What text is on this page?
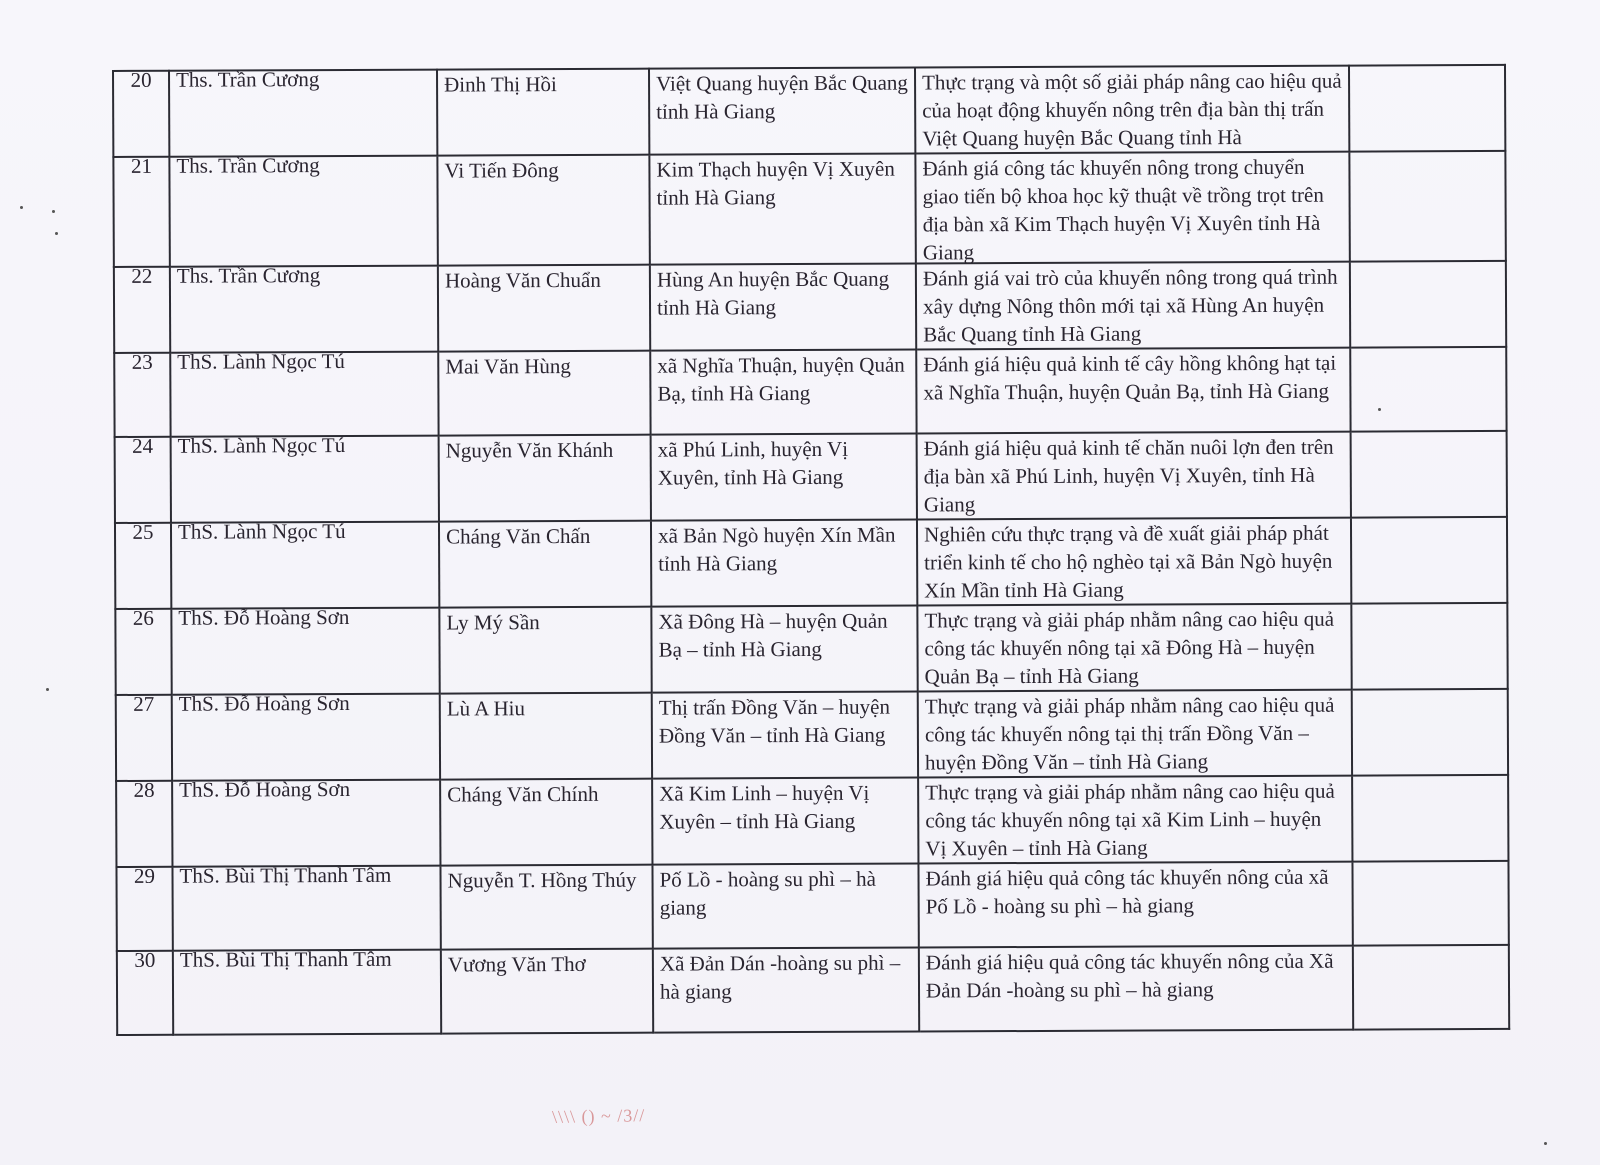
20	Ths. Trần Cương	Đinh Thị Hồi	Việt Quang huyện Bắc Quang tỉnh Hà Giang	Thực trạng và một số giải pháp nâng cao hiệu quả của hoạt động khuyến nông trên địa bàn thị trấn Việt Quang huyện Bắc Quang tỉnh Hà	

21	Ths. Trần Cương	Vi Tiến Đông	Kim Thạch huyện Vị Xuyên tỉnh Hà Giang	Đánh giá công tác khuyến nông trong chuyển giao tiến bộ khoa học kỹ thuật về trồng trọt trên địa bàn xã Kim Thạch huyện Vị Xuyên tỉnh Hà Giang	

22	Ths. Trần Cương	Hoàng Văn Chuẩn	Hùng An huyện Bắc Quang tỉnh Hà Giang	Đánh giá vai trò của khuyến nông trong quá trình xây dựng Nông thôn mới tại xã Hùng An huyện Bắc Quang tỉnh Hà Giang	

23	ThS. Lành Ngọc Tú	Mai Văn Hùng	xã Nghĩa Thuận, huyện Quản Bạ, tỉnh Hà Giang	Đánh giá hiệu quả kinh tế cây hồng không hạt tại xã Nghĩa Thuận, huyện Quản Bạ, tỉnh Hà Giang	

24	ThS. Lành Ngọc Tú	Nguyễn Văn Khánh	xã Phú Linh, huyện Vị Xuyên, tỉnh Hà Giang	Đánh giá hiệu quả kinh tế chăn nuôi lợn đen trên địa bàn xã Phú Linh, huyện Vị Xuyên, tỉnh Hà Giang	

25	ThS. Lành Ngọc Tú	Cháng Văn Chấn	xã Bản Ngò huyện Xín Mần tỉnh Hà Giang	Nghiên cứu thực trạng và đề xuất giải pháp phát triển kinh tế cho hộ nghèo tại xã Bản Ngò huyện Xín Mần tỉnh Hà Giang	

26	ThS. Đỗ Hoàng Sơn	Ly Mý Sần	Xã Đông Hà – huyện Quản Bạ – tỉnh Hà Giang	Thực trạng và giải pháp nhằm nâng cao hiệu quả công tác khuyến nông tại xã Đông Hà – huyện Quản Bạ – tỉnh Hà Giang	

27	ThS. Đỗ Hoàng Sơn	Lù A Hiu	Thị trấn Đồng Văn – huyện Đồng Văn – tỉnh Hà Giang	Thực trạng và giải pháp nhằm nâng cao hiệu quả công tác khuyến nông tại thị trấn Đồng Văn – huyện Đồng Văn – tỉnh Hà Giang	

28	ThS. Đỗ Hoàng Sơn	Cháng Văn Chính	Xã Kim Linh – huyện Vị Xuyên – tỉnh Hà Giang	Thực trạng và giải pháp nhằm nâng cao hiệu quả công tác khuyến nông tại xã Kim Linh – huyện Vị Xuyên – tỉnh Hà Giang	

29	ThS. Bùi Thị Thanh Tâm	Nguyễn T. Hồng Thúy	Pố Lồ - hoàng su phì – hà giang	Đánh giá hiệu quả công tác khuyến nông của xã Pố Lồ - hoàng su phì – hà giang	

30	ThS. Bùi Thị Thanh Tâm	Vương Văn Thơ	Xã Đản Dán -hoàng su phì – hà giang	Đánh giá hiệu quả công tác khuyến nông của Xã Đản Dán -hoàng su phì – hà giang	

\\\\ () ~ /3//
